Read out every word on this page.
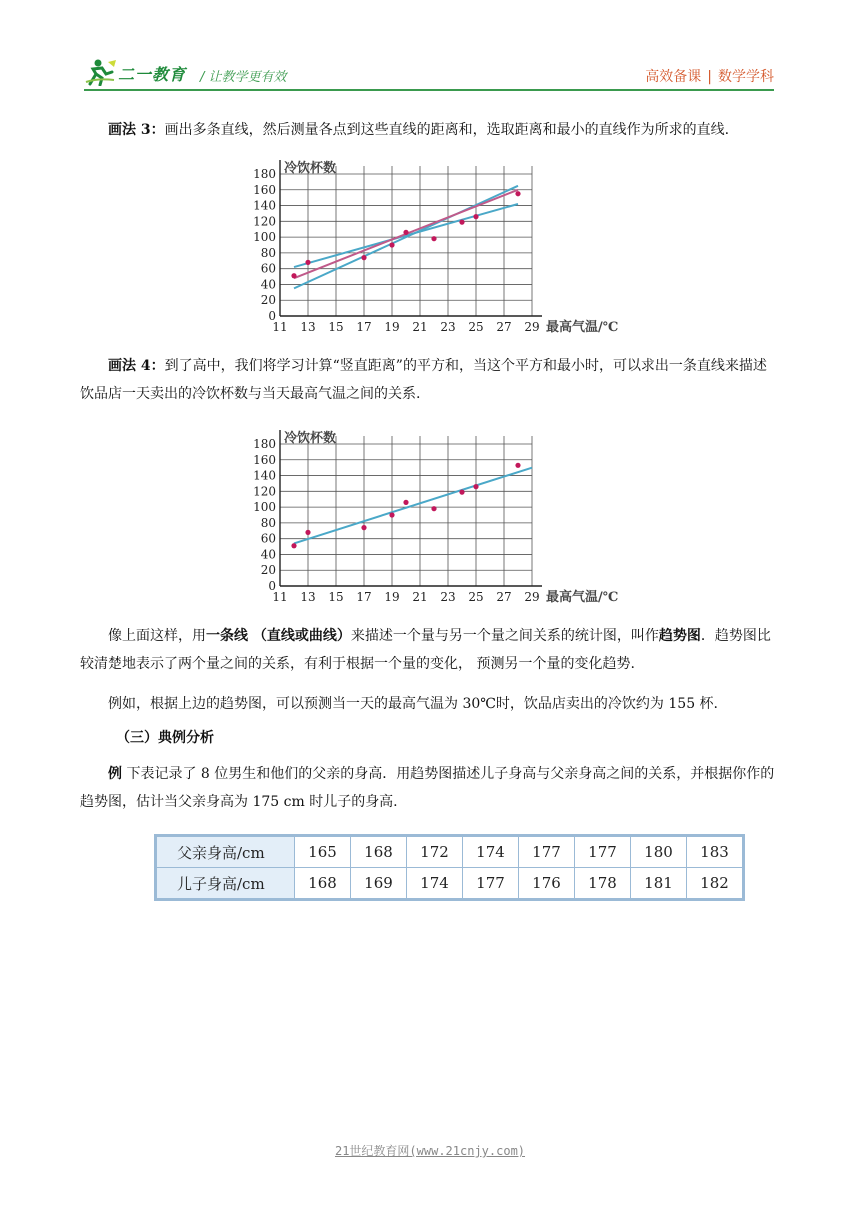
二一教育 / 让教学更有效	高效备课 | 数学学科
画法 3：画出多条直线，然后测量各点到这些直线的距离和，选取距离和最小的直线作为所求的直线.
0
20
40
60
80
100
120
140
160
180
11 13 15 17 19 21 23 25 27 29
冷饮杯数
最高气温/℃
画法 4：到了高中，我们将学习计算“竖直距离”的平方和，当这个平方和最小时，可以求出一条直线来描述饮品店一天卖出的冷饮杯数与当天最高气温之间的关系.
0
20
40
60
80
100
120
140
160
180
11 13 15 17 19 21 23 25 27 29
冷饮杯数
最高气温/℃
像上面这样，用一条线 （直线或曲线）来描述一个量与另一个量之间关系的统计图，叫作趋势图．趋势图比较清楚地表示了两个量之间的关系，有利于根据一个量的变化， 预测另一个量的变化趋势.
例如，根据上边的趋势图，可以预测当一天的最高气温为 30℃时，饮品店卖出的冷饮约为 155 杯.
（三）典例分析
例 下表记录了 8 位男生和他们的父亲的身高．用趋势图描述儿子身高与父亲身高之间的关系，并根据你作的趋势图，估计当父亲身高为 175 cm 时儿子的身高.
父亲身高/cm	165	168	172	174	177	177	180	183
儿子身高/cm	168	169	174	177	176	178	181	182
21世纪教育网(www.21cnjy.com)
